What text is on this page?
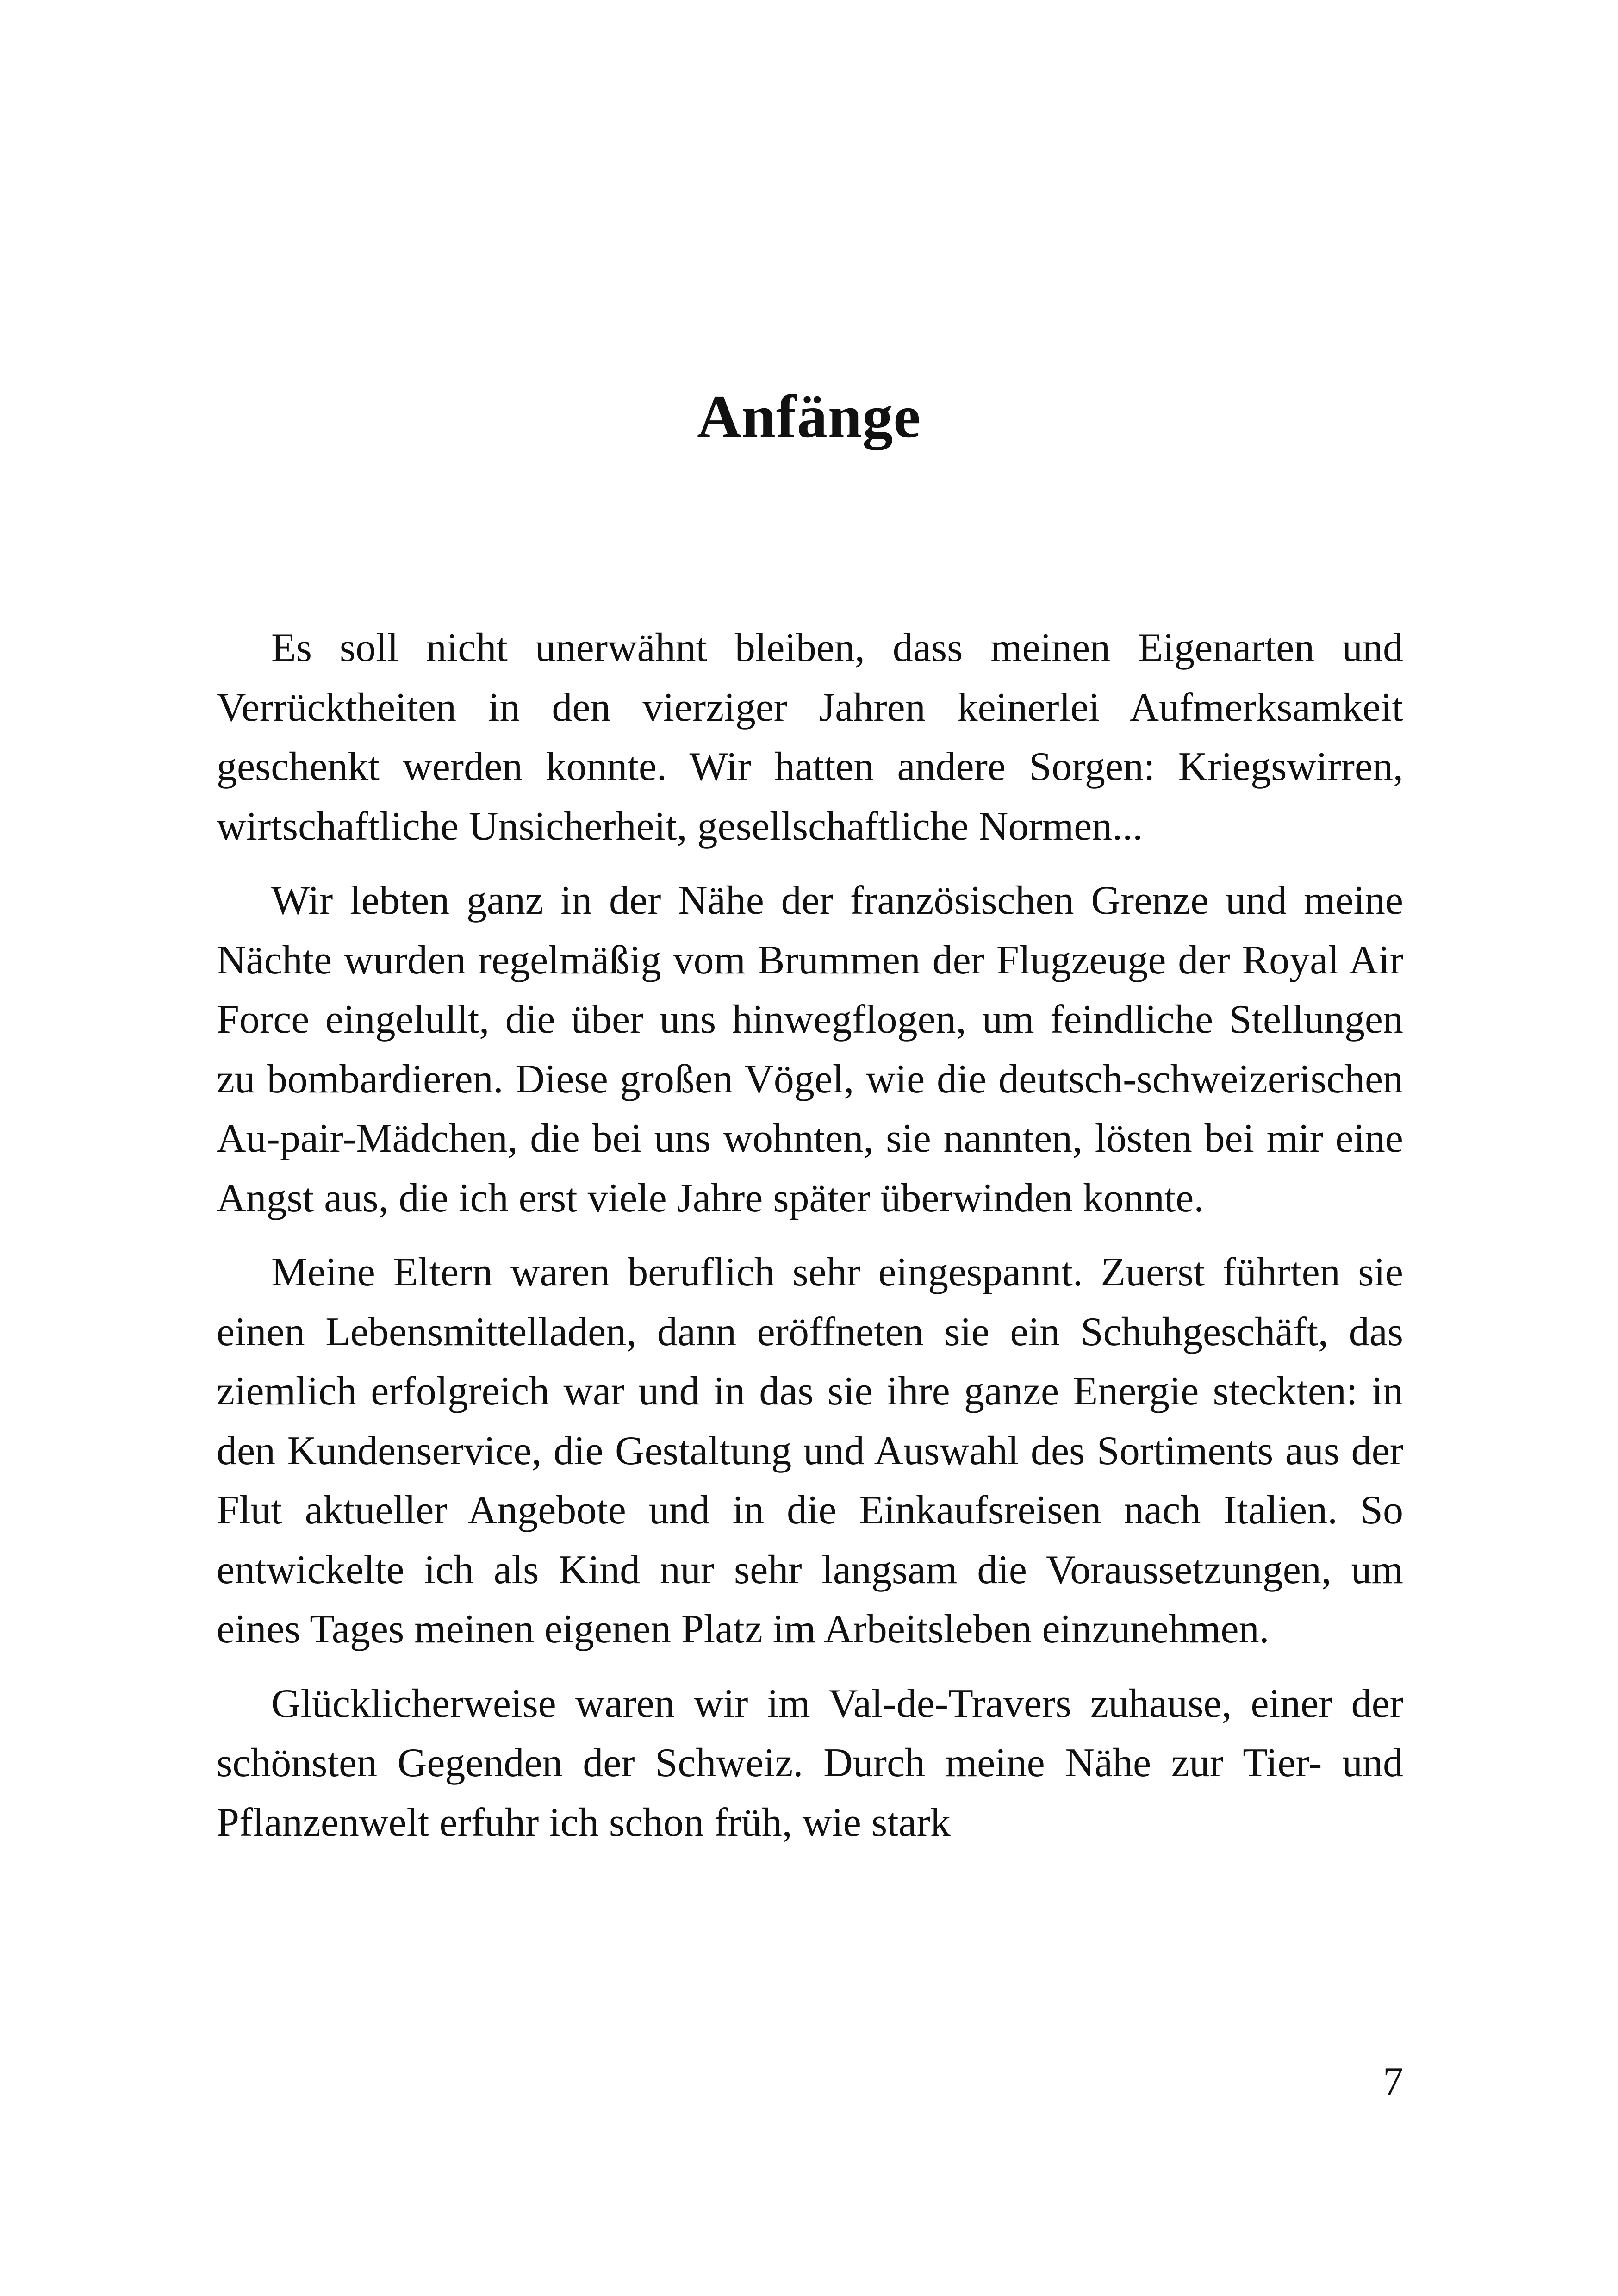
Anfänge

Es soll nicht unerwähnt bleiben, dass meinen Eigenarten und Verrücktheiten in den vierziger Jahren keinerlei Aufmerksamkeit geschenkt werden konnte. Wir hatten andere Sorgen: Kriegswirren, wirtschaftliche Unsicherheit, gesellschaftliche Normen...

Wir lebten ganz in der Nähe der französischen Grenze und meine Nächte wurden regelmäßig vom Brummen der Flugzeuge der Royal Air Force eingelullt, die über uns hinwegflogen, um feindliche Stellungen zu bombardieren. Diese großen Vögel, wie die deutsch-schweizerischen Au-pair-Mädchen, die bei uns wohnten, sie nannten, lösten bei mir eine Angst aus, die ich erst viele Jahre später überwinden konnte.

Meine Eltern waren beruflich sehr eingespannt. Zuerst führten sie einen Lebensmittelladen, dann eröffneten sie ein Schuhgeschäft, das ziemlich erfolgreich war und in das sie ihre ganze Energie steckten: in den Kundenservice, die Gestaltung und Auswahl des Sortiments aus der Flut aktueller Angebote und in die Einkaufsreisen nach Italien. So entwickelte ich als Kind nur sehr langsam die Voraussetzungen, um eines Tages meinen eigenen Platz im Arbeitsleben einzunehmen.

Glücklicherweise waren wir im Val-de-Travers zuhause, einer der schönsten Gegenden der Schweiz. Durch meine Nähe zur Tier- und Pflanzenwelt erfuhr ich schon früh, wie stark

7
